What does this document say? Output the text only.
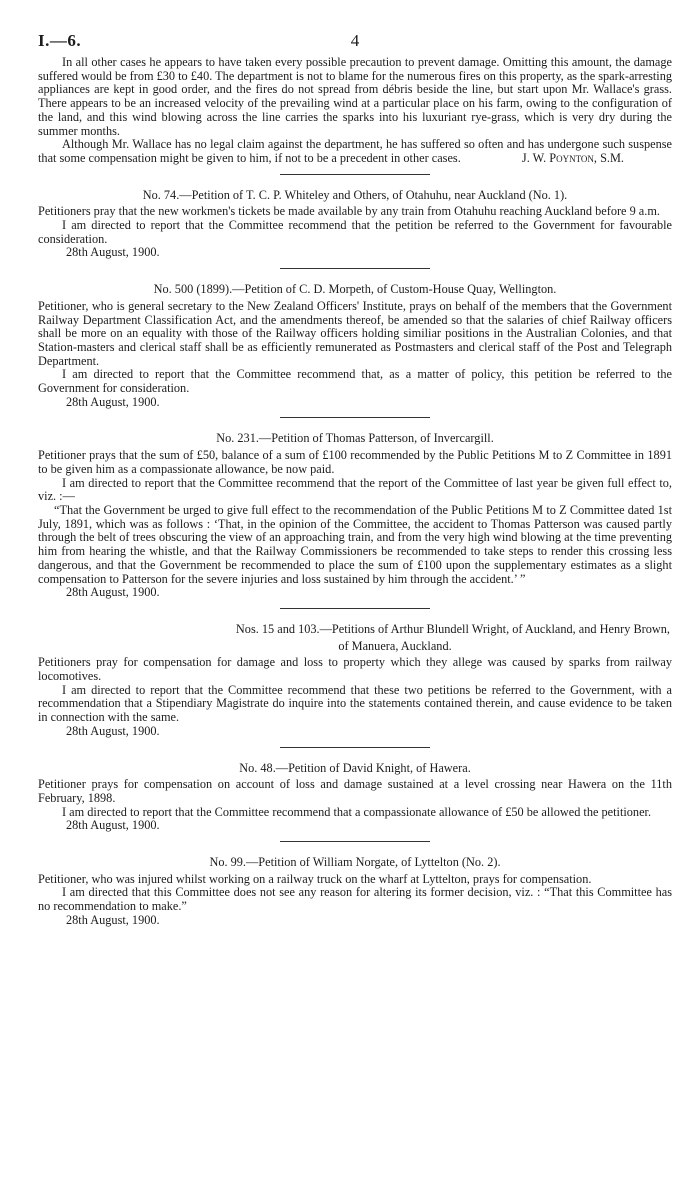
I.—6.	4

In all other cases he appears to have taken every possible precaution to prevent damage. Omitting this amount, the damage suffered would be from £30 to £40. The department is not to blame for the numerous fires on this property, as the spark-arresting appliances are kept in good order, and the fires do not spread from débris beside the line, but start upon Mr. Wallace's grass. There appears to be an increased velocity of the prevailing wind at a particular place on his farm, owing to the configuration of the land, and this wind blowing across the line carries the sparks into his luxuriant rye-grass, which is very dry during the summer months.

Although Mr. Wallace has no legal claim against the department, he has suffered so often and has undergone such suspense that some compensation might be given to him, if not to be a precedent in other cases.	J. W. Poynton, S.M.

No. 74.—Petition of T. C. P. Whiteley and Others, of Otahuhu, near Auckland (No. 1).

Petitioners pray that the new workmen's tickets be made available by any train from Otahuhu reaching Auckland before 9 a.m.

I am directed to report that the Committee recommend that the petition be referred to the Government for favourable consideration.

28th August, 1900.

No. 500 (1899).—Petition of C. D. Morpeth, of Custom-House Quay, Wellington.

Petitioner, who is general secretary to the New Zealand Officers' Institute, prays on behalf of the members that the Government Railway Department Classification Act, and the amendments thereof, be amended so that the salaries of chief Railway officers shall be more on an equality with those of the Railway officers holding similiar positions in the Australian Colonies, and that Station-masters and clerical staff shall be as efficiently remunerated as Postmasters and clerical staff of the Post and Telegraph Department.

I am directed to report that the Committee recommend that, as a matter of policy, this petition be referred to the Government for consideration.

28th August, 1900.

No. 231.—Petition of Thomas Patterson, of Invercargill.

Petitioner prays that the sum of £50, balance of a sum of £100 recommended by the Public Petitions M to Z Committee in 1891 to be given him as a compassionate allowance, be now paid.

I am directed to report that the Committee recommend that the report of the Committee of last year be given full effect to, viz. :—

“That the Government be urged to give full effect to the recommendation of the Public Petitions M to Z Committee dated 1st July, 1891, which was as follows : ‘That, in the opinion of the Committee, the accident to Thomas Patterson was caused partly through the belt of trees obscuring the view of an approaching train, and from the very high wind blowing at the time preventing him from hearing the whistle, and that the Railway Commissioners be recommended to take steps to render this crossing less dangerous, and that the Government be recommended to place the sum of £100 upon the supplementary estimates as a slight compensation to Patterson for the severe injuries and loss sustained by him through the accident.’ ”

28th August, 1900.

Nos. 15 and 103.—Petitions of Arthur Blundell Wright, of Auckland, and Henry Brown,

of Manuera, Auckland.

Petitioners pray for compensation for damage and loss to property which they allege was caused by sparks from railway locomotives.

I am directed to report that the Committee recommend that these two petitions be referred to the Government, with a recommendation that a Stipendiary Magistrate do inquire into the statements contained therein, and cause evidence to be taken in connection with the same.

28th August, 1900.

No. 48.—Petition of David Knight, of Hawera.

Petitioner prays for compensation on account of loss and damage sustained at a level crossing near Hawera on the 11th February, 1898.

I am directed to report that the Committee recommend that a compassionate allowance of £50 be allowed the petitioner.

28th August, 1900.

No. 99.—Petition of William Norgate, of Lyttelton (No. 2).

Petitioner, who was injured whilst working on a railway truck on the wharf at Lyttelton, prays for compensation.

I am directed that this Committee does not see any reason for altering its former decision, viz. : “That this Committee has no recommendation to make.”

28th August, 1900.
